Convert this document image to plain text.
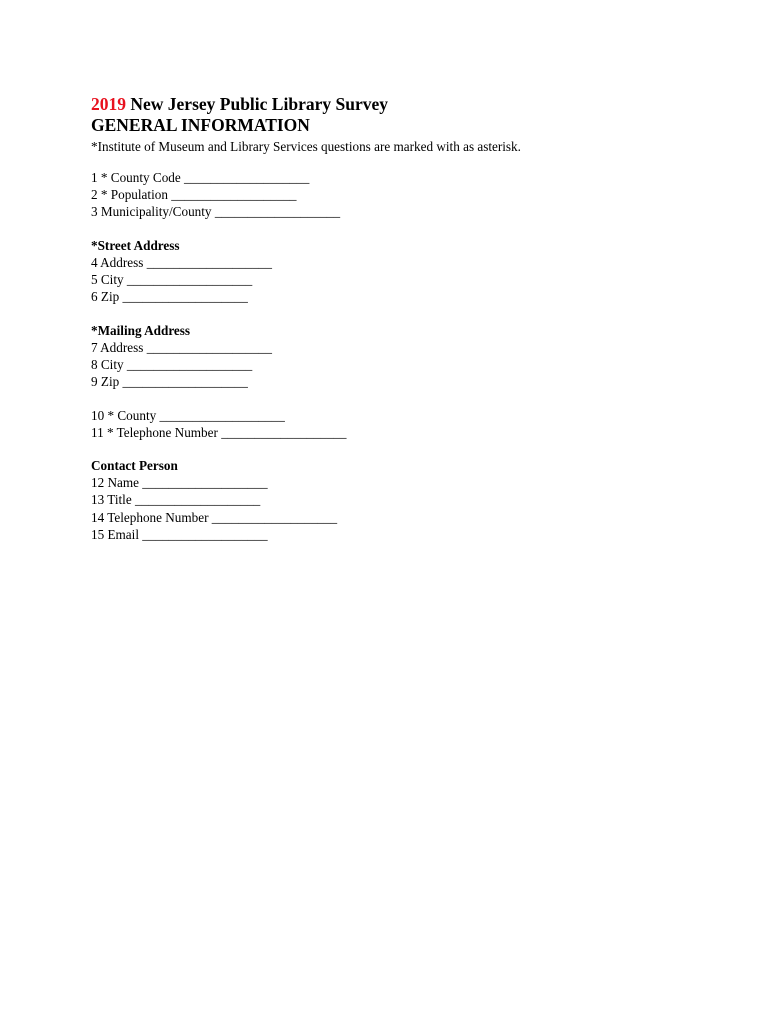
2019 New Jersey Public Library Survey
GENERAL INFORMATION
*Institute of Museum and Library Services questions are marked with as asterisk.
1 * County Code ___________________
2 * Population ___________________
3 Municipality/County ___________________
*Street Address
4 Address ___________________
5 City ___________________
6 Zip ___________________
*Mailing Address
7 Address ___________________
8 City ___________________
9 Zip ___________________
10 * County ___________________
11 * Telephone Number ___________________
Contact Person
12 Name ___________________
13 Title ___________________
14 Telephone Number ___________________
15 Email ___________________
